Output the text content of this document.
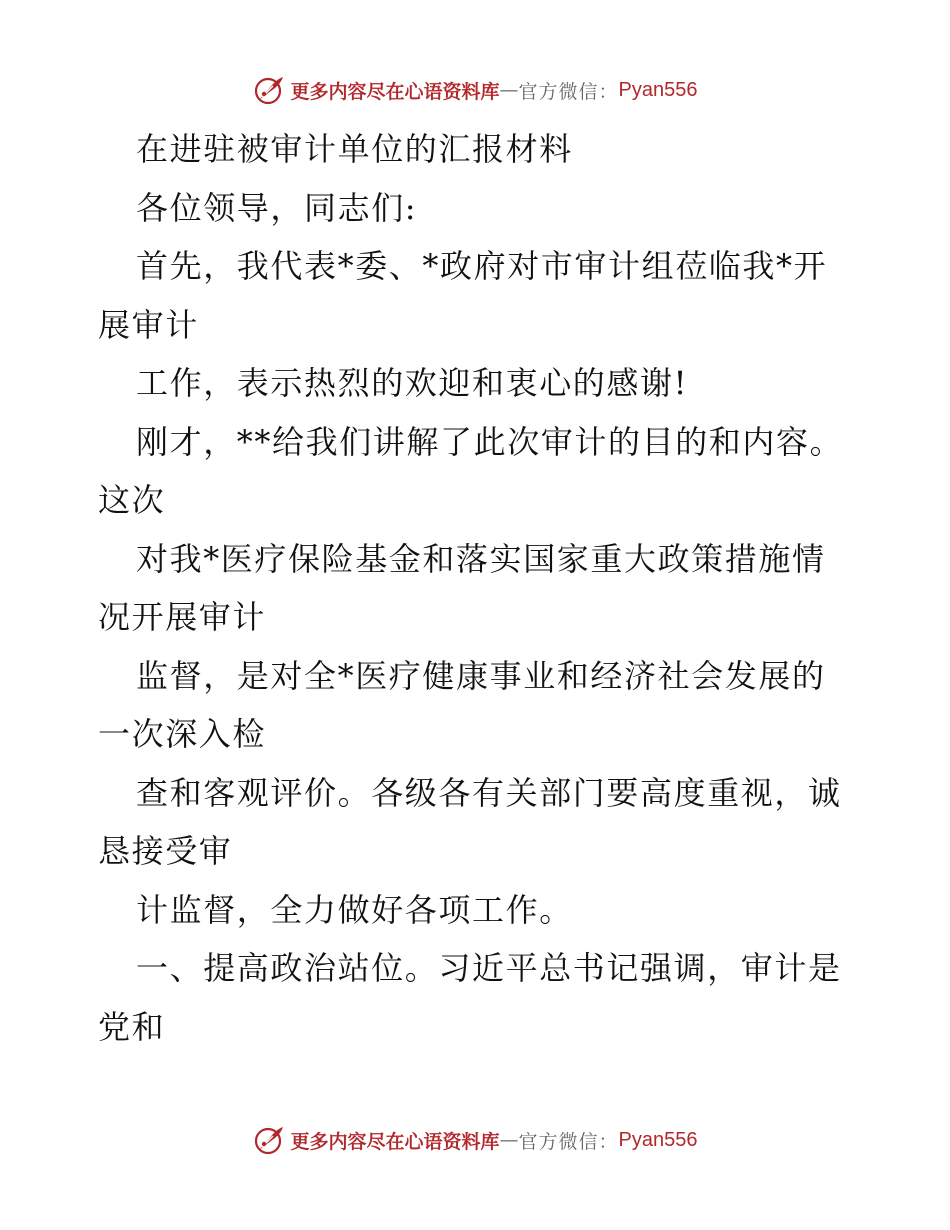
更多内容尽在心语资料库 — 官方微信： Pyan556
在进驻被审计单位的汇报材料
各位领导，同志们:
首先，我代表*委、*政府对市审计组莅临我*开
展审计
工作，表示热烈的欢迎和衷心的感谢!
刚才，**给我们讲解了此次审计的目的和内容。
这次
对我*医疗保险基金和落实国家重大政策措施情
况开展审计
监督，是对全*医疗健康事业和经济社会发展的
一次深入检
查和客观评价。各级各有关部门要高度重视，诚
恳接受审
计监督，全力做好各项工作。
一、提高政治站位。习近平总书记强调，审计是
党和
更多内容尽在心语资料库 — 官方微信： Pyan556
